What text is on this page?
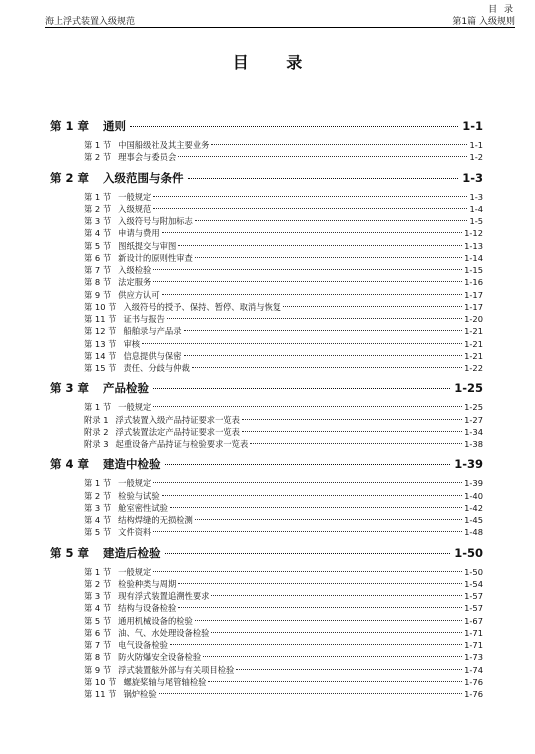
目 录
海上浮式装置入级规范	第1篇 入级规则
目 录
第 1 章 通则	1-1
第 1 节 中国船级社及其主要业务	1-1
第 2 节 理事会与委员会	1-2
第 2 章 入级范围与条件	1-3
第 1 节 一般规定	1-3
第 2 节 入级规范	1-4
第 3 节 入级符号与附加标志	1-5
第 4 节 申请与费用	1-12
第 5 节 图纸提交与审图	1-13
第 6 节 新设计的原则性审查	1-14
第 7 节 入级检验	1-15
第 8 节 法定服务	1-16
第 9 节 供应方认可	1-17
第 10 节 入级符号的授予、保持、暂停、取消与恢复	1-17
第 11 节 证书与报告	1-20
第 12 节 船舶录与产品录	1-21
第 13 节 审核	1-21
第 14 节 信息提供与保密	1-21
第 15 节 责任、分歧与仲裁	1-22
第 3 章 产品检验	1-25
第 1 节 一般规定	1-25
附录 1 浮式装置入级产品持证要求一览表	1-27
附录 2 浮式装置法定产品持证要求一览表	1-34
附录 3 起重设备产品持证与检验要求一览表	1-38
第 4 章 建造中检验	1-39
第 1 节 一般规定	1-39
第 2 节 检验与试验	1-40
第 3 节 舱室密性试验	1-42
第 4 节 结构焊缝的无损检测	1-45
第 5 节 文件资料	1-48
第 5 章 建造后检验	1-50
第 1 节 一般规定	1-50
第 2 节 检验种类与周期	1-54
第 3 节 现有浮式装置追溯性要求	1-57
第 4 节 结构与设备检验	1-57
第 5 节 通用机械设备的检验	1-67
第 6 节 油、气、水处理设备检验	1-71
第 7 节 电气设备检验	1-71
第 8 节 防火防爆安全设备检验	1-73
第 9 节 浮式装置舷外部与有关项目检验	1-74
第 10 节 螺旋桨轴与尾管轴检验	1-76
第 11 节 锅炉检验	1-76
